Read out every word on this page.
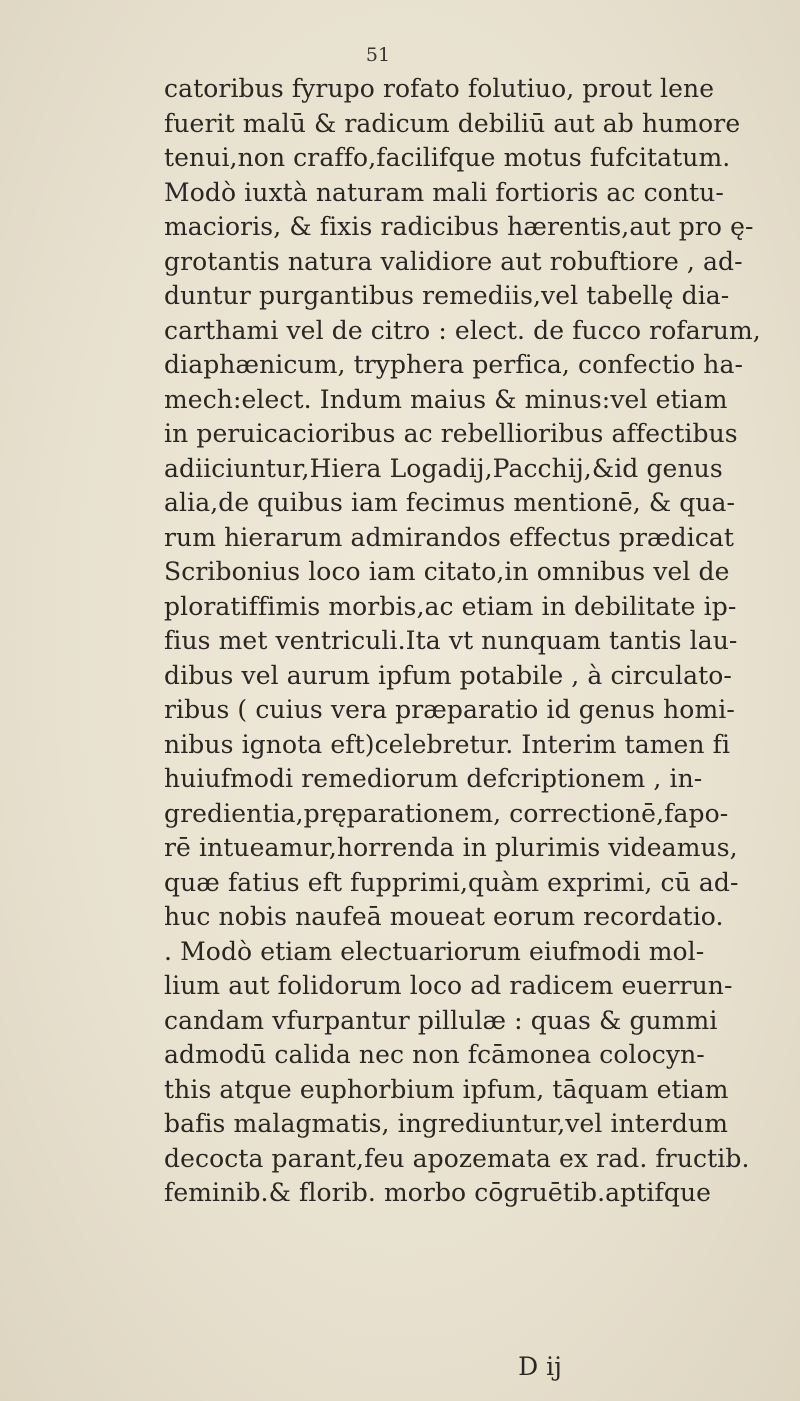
51
catoribus fyrupo rofato folutiuo, prout lene
fuerit malū & radicum debiliū aut ab humore
tenui,non craffo,facilifque motus fufcitatum.
Modò iuxtà naturam mali fortioris ac contu-
macioris, & fixis radicibus hærentis,aut pro ę-
grotantis natura validiore aut robuftiore , ad-
duntur purgantibus remediis,vel tabellę dia-
carthami vel de citro : elect. de fucco rofarum,
diaphænicum, tryphera perfica, confectio ha-
mech:elect. Indum maius & minus:vel etiam
in peruicacioribus ac rebellioribus affectibus
adiiciuntur,Hiera Logadij,Pacchij,&id genus
alia,de quibus iam fecimus mentionē, & qua-
rum hierarum admirandos effectus prædicat
Scribonius loco iam citato,in omnibus vel de
ploratiffimis morbis,ac etiam in debilitate ip-
fius met ventriculi.Ita vt nunquam tantis lau-
dibus vel aurum ipfum potabile , à circulato-
ribus ( cuius vera præparatio id genus homi-
nibus ignota eft)celebretur. Interim tamen fi
huiufmodi remediorum defcriptionem , in-
gredientia,pręparationem, correctionē,fapo-
rē intueamur,horrenda in plurimis videamus,
quæ fatius eft fupprimi,quàm exprimi, cū ad-
huc nobis naufeā moueat eorum recordatio.
. Modò etiam electuariorum eiufmodi mol-
lium aut folidorum loco ad radicem euerrun-
candam vfurpantur pillulæ : quas & gummi
admodū calida nec non fcāmonea colocyn-
this atque euphorbium ipfum, tāquam etiam
bafis malagmatis, ingrediuntur,vel interdum
decocta parant,feu apozemata ex rad. fructib.
feminib.& florib. morbo cōgruētib.aptifque
D ij
